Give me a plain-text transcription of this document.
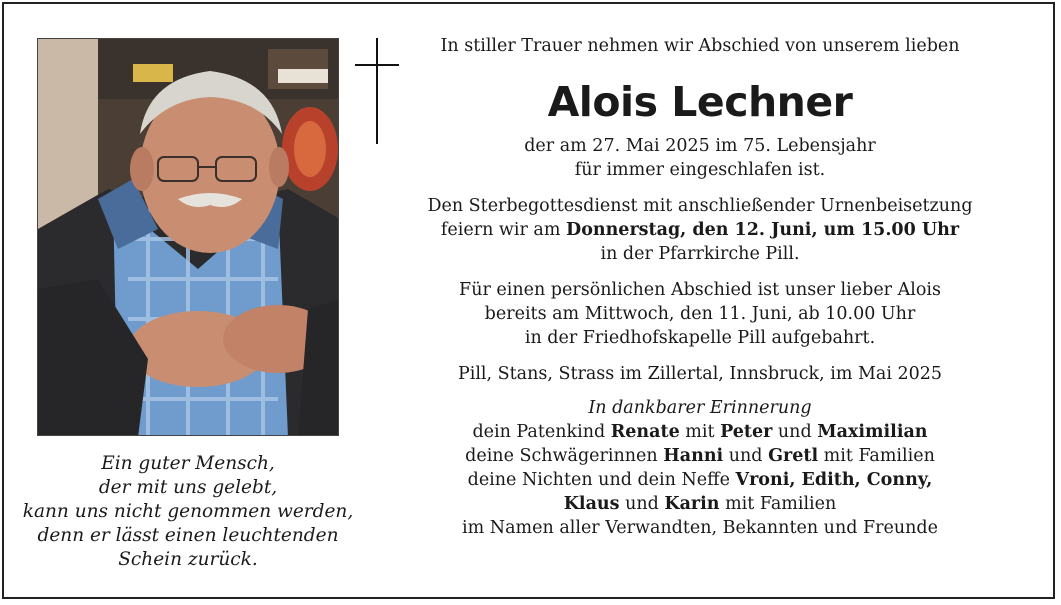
Ein guter Mensch,
der mit uns gelebt,
kann uns nicht genommen werden,
denn er lässt einen leuchtenden
Schein zurück.
In stiller Trauer nehmen wir Abschied von unserem lieben
Alois Lechner
der am 27. Mai 2025 im 75. Lebensjahr
für immer eingeschlafen ist.
Den Sterbegottesdienst mit anschließender Urnenbeisetzung
feiern wir am Donnerstag, den 12. Juni, um 15.00 Uhr
in der Pfarrkirche Pill.
Für einen persönlichen Abschied ist unser lieber Alois
bereits am Mittwoch, den 11. Juni, ab 10.00 Uhr
in der Friedhofskapelle Pill aufgebahrt.
Pill, Stans, Strass im Zillertal, Innsbruck, im Mai 2025
In dankbarer Erinnerung
dein Patenkind Renate mit Peter und Maximilian
deine Schwägerinnen Hanni und Gretl mit Familien
deine Nichten und dein Neffe Vroni, Edith, Conny,
Klaus und Karin mit Familien
im Namen aller Verwandten, Bekannten und Freunde
